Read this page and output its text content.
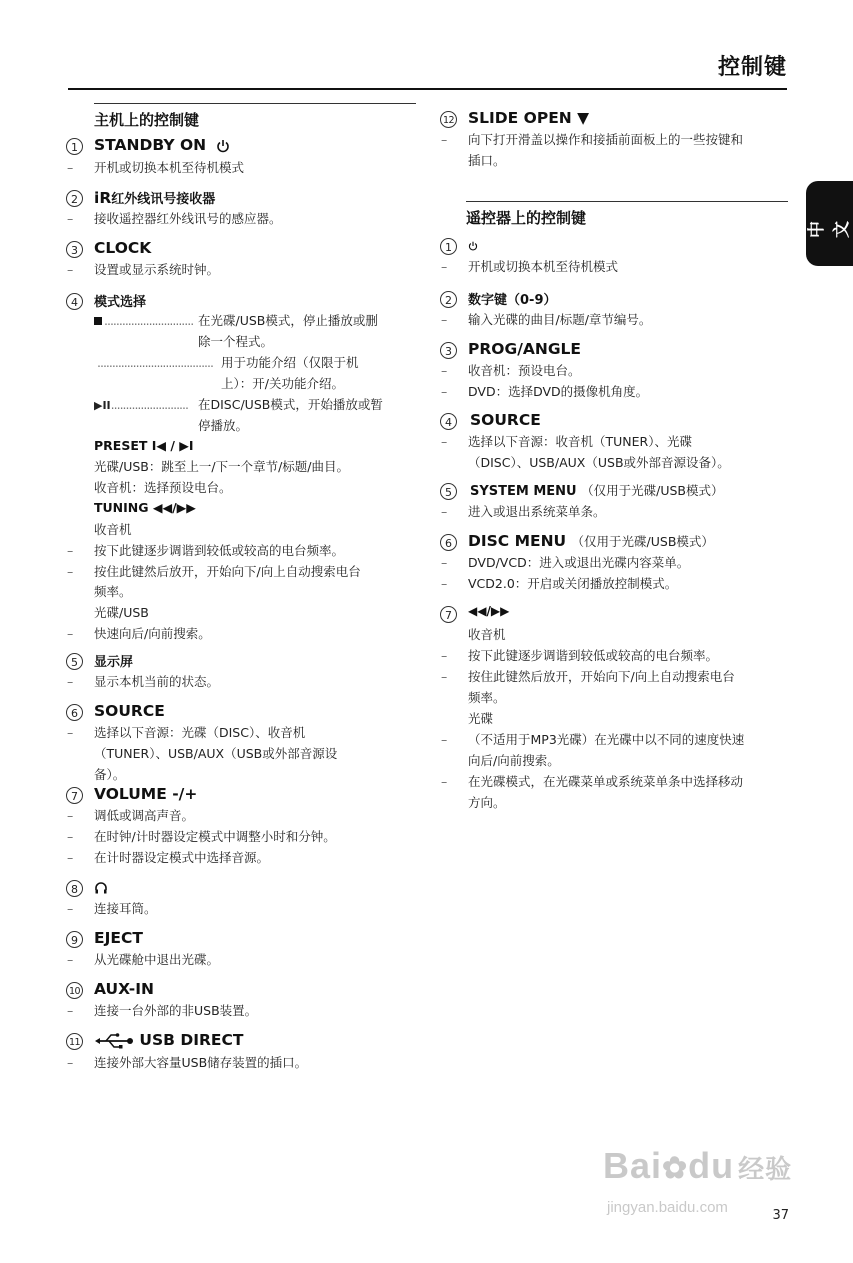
控制键
中文
主机上的控制键
1	STANDBY ON
– 开机或切换本机至待机模式
2	iR红外线讯号接收器
– 接收遥控器红外线讯号的感应器。
3	CLOCK
– 设置或显示系统时钟。
4	模式选择
.............................. 在光碟/USB模式，停止播放或删
除一个程式。
....................................... 用于功能介绍（仅限于机
上）：开/关功能介绍。
▶II.......................... 在DISC/USB模式，开始播放或暂
停播放。
PRESET I◀ / ▶I
光碟/USB：跳至上一/下一个章节/标题/曲目。
收音机：选择预设电台。
TUNING ◀◀/▶▶
收音机
– 按下此键逐步调谐到较低或较高的电台频率。
– 按住此键然后放开，开始向下/向上自动搜索电台
频率。
光碟/USB
– 快速向后/向前搜索。
5	显示屏
– 显示本机当前的状态。
6	SOURCE
– 选择以下音源：光碟（DISC）、收音机
（TUNER）、USB/AUX（USB或外部音源设
备）。
7	VOLUME -/+
– 调低或调高声音。
– 在时钟/计时器设定模式中调整小时和分钟。
– 在计时器设定模式中选择音源。
8
– 连接耳筒。
9	EJECT
– 从光碟舱中退出光碟。
10 AUX-IN
– 连接一台外部的非USB装置。
11	USB DIRECT
– 连接外部大容量USB储存装置的插口。
12 SLIDE OPEN ▼
– 向下打开滑盖以操作和接插前面板上的一些按键和
插口。
遥控器上的控制键
1
– 开机或切换本机至待机模式
2	数字键（0-9）
– 输入光碟的曲目/标题/章节编号。
3	PROG/ANGLE
– 收音机：预设电台。
– DVD：选择DVD的摄像机角度。
4	SOURCE
– 选择以下音源：收音机（TUNER）、光碟
（DISC）、USB/AUX（USB或外部音源设备）。
5	SYSTEM MENU （仅用于光碟/USB模式）
– 进入或退出系统菜单条。
6	DISC MENU （仅用于光碟/USB模式）
– DVD/VCD：进入或退出光碟内容菜单。
– VCD2.0：开启或关闭播放控制模式。
7	◀◀/▶▶
收音机
– 按下此键逐步调谐到较低或较高的电台频率。
– 按住此键然后放开，开始向下/向上自动搜索电台
频率。
光碟
– （不适用于MP3光碟）在光碟中以不同的速度快速
向后/向前搜索。
– 在光碟模式，在光碟菜单或系统菜单条中选择移动
方向。
Bai✿du 经验
jingyan.baidu.com	37
